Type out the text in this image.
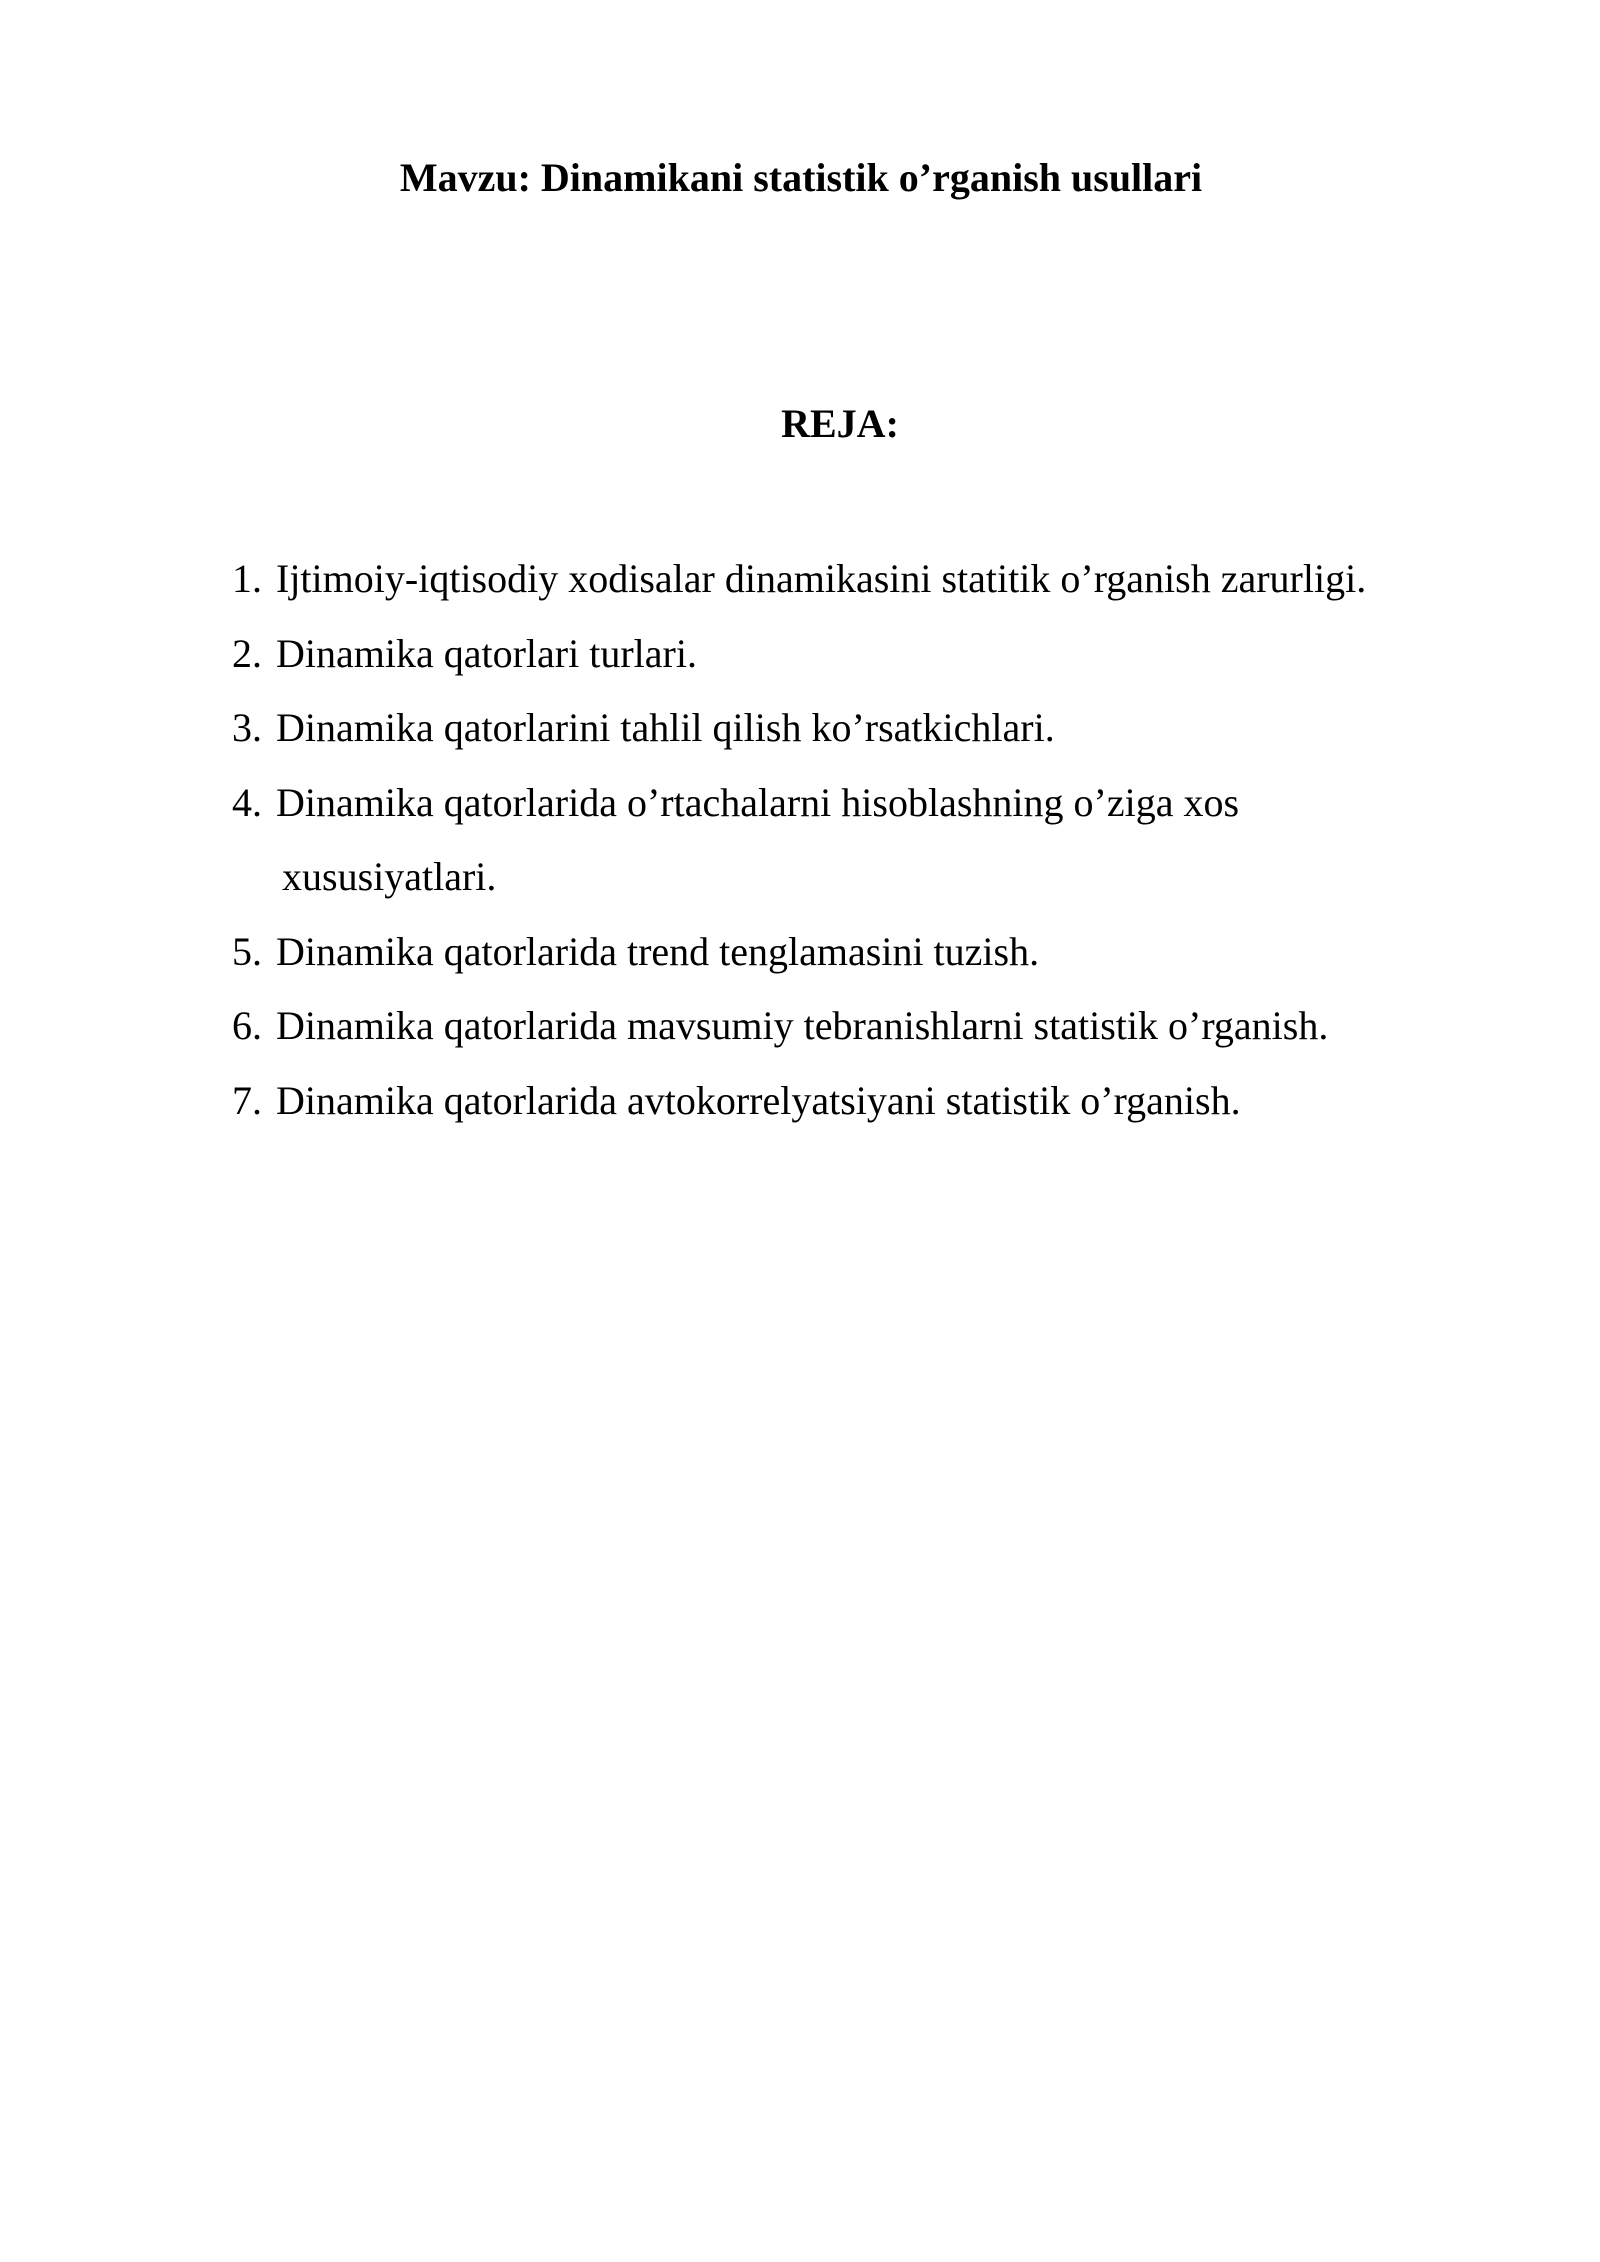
Mavzu: Dinamikani statistik o’rganish usullari
REJA:
1. Ijtimoiy-iqtisodiy xodisalar dinamikasini statitik o’rganish zarurligi.
2. Dinamika qatorlari turlari.
3. Dinamika qatorlarini tahlil qilish ko’rsatkichlari.
4. Dinamika qatorlarida o’rtachalarni hisoblashning o’ziga xos
xususiyatlari.
5. Dinamika qatorlarida trend tenglamasini tuzish.
6. Dinamika qatorlarida mavsumiy tebranishlarni statistik o’rganish.
7. Dinamika qatorlarida avtokorrelyatsiyani statistik o’rganish.
